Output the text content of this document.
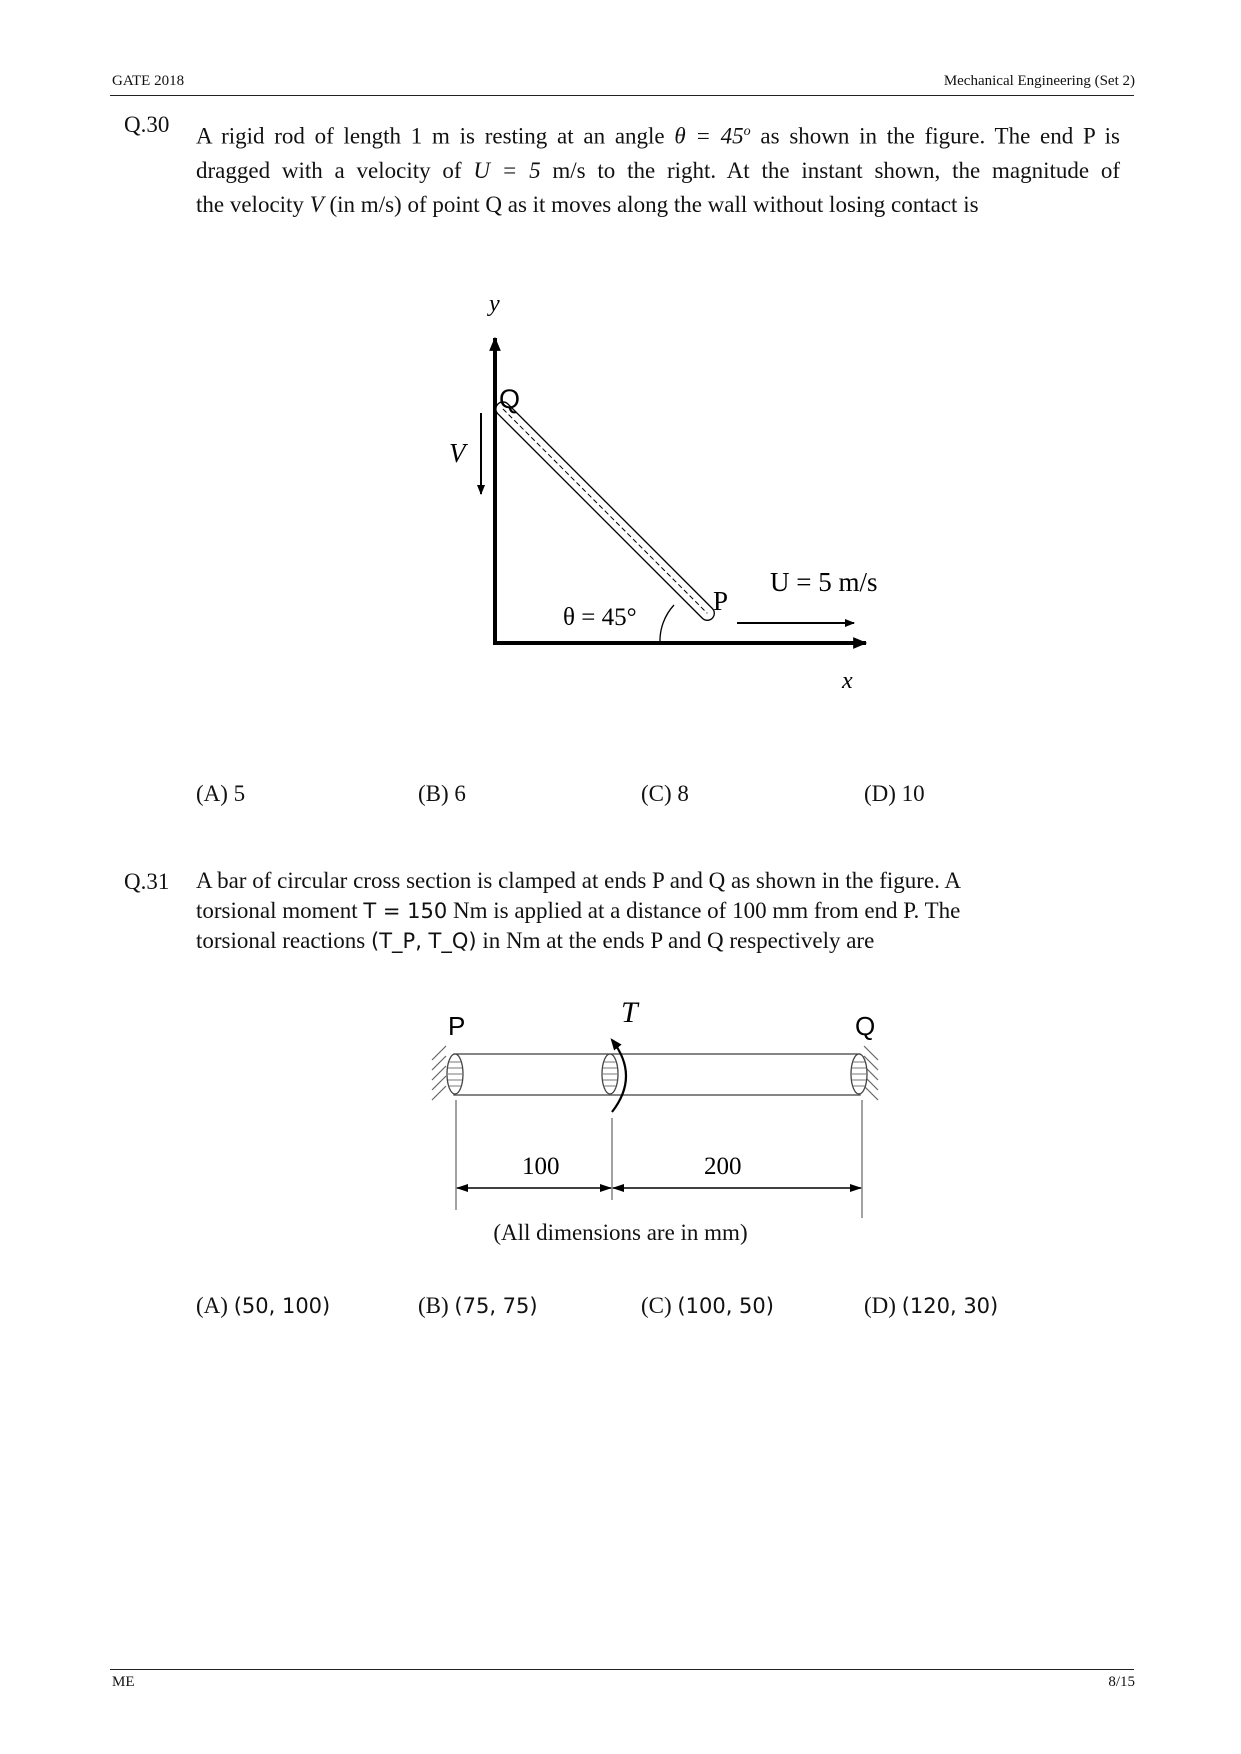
GATE 2018	Mechanical Engineering (Set 2)
ME	8/15
Q.30 A rigid rod of length 1 m is resting at an angle $\theta = 45^o$ as shown in the figure. The end P is
dragged with a velocity of U = 5 m/s to the right. At the instant shown, the magnitude of
the velocity V (in m/s) of point Q as it moves along the wall without losing contact is
y
x
Q
P
V
U = 5 m/s
θ = 45°
(A) 5	(B) 6	(C) 8	(D) 10
Q.31 A bar of circular cross section is clamped at ends P and Q as shown in the figure. A
torsional moment T = 150 Nm is applied at a distance of 100 mm from end P. The
torsional reactions (T_P, T_Q) in Nm at the ends P and Q respectively are
P	Q
T
100	200
(All dimensions are in mm)
(A) (50, 100)	(B) (75, 75)	(C) (100, 50)	(D) (120, 30)
